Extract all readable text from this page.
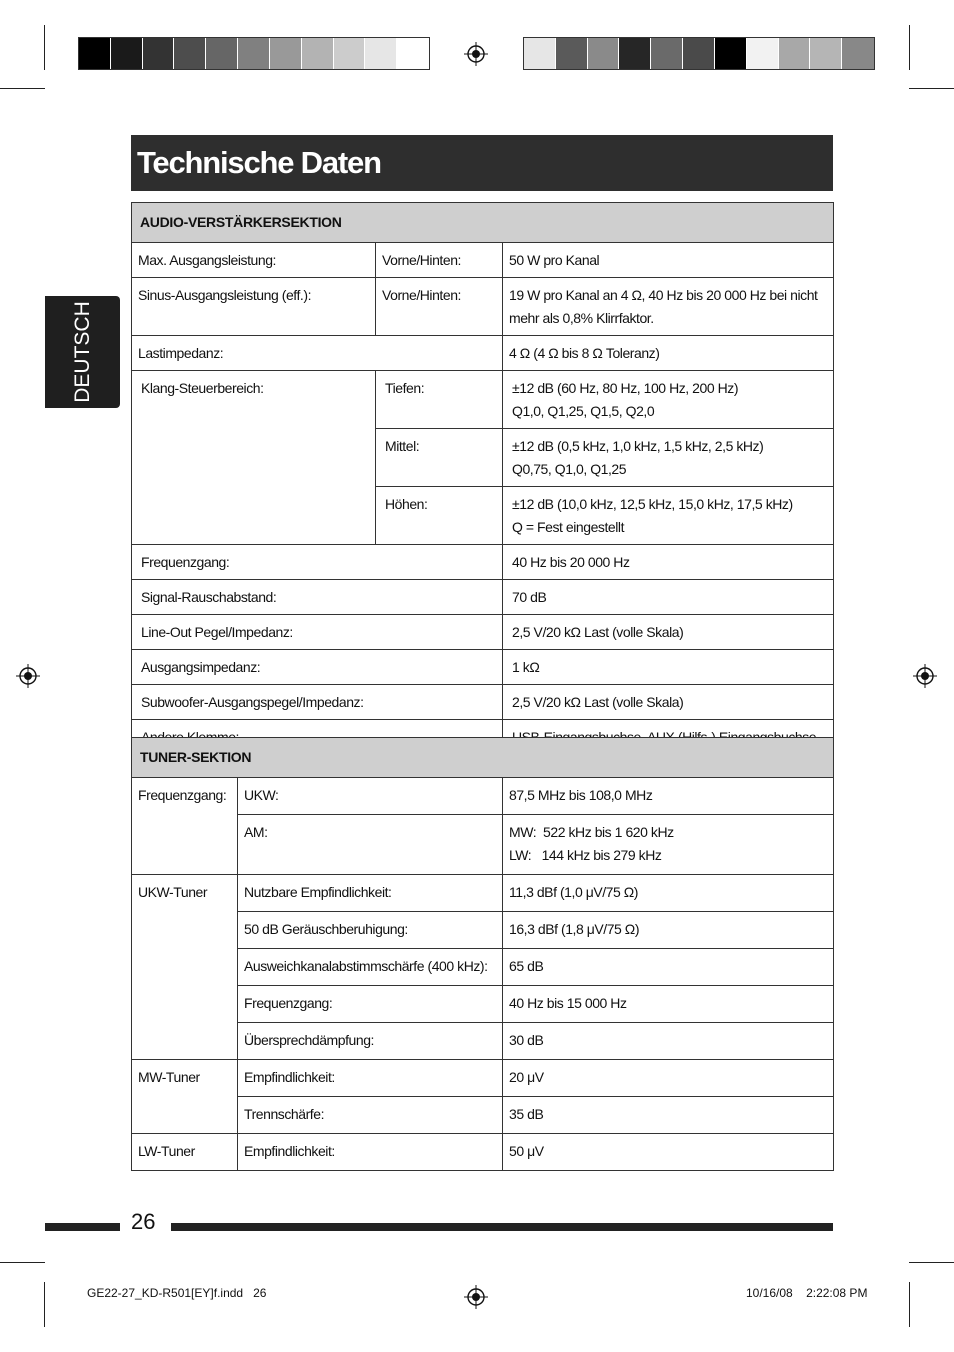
Technische Daten
DEUTSCH
AUDIO-VERSTÄRKERSEKTION		
Max. Ausgangsleistung:	Vorne/Hinten:	50 W pro Kanal
Sinus-Ausgangsleistung (eff.):	Vorne/Hinten:	19 W pro Kanal an 4 Ω, 40 Hz bis 20 000 Hz bei nicht
mehr als 0,8% Klirrfaktor.

Lastimpedanz:		4 Ω (4 Ω bis 8 Ω Toleranz)
Klang-Steuerbereich:	Tiefen:	±12 dB (60 Hz, 80 Hz, 100 Hz, 200 Hz)
Q1,0, Q1,25, Q1,5, Q2,0

	Mittel:	±12 dB (0,5 kHz, 1,0 kHz, 1,5 kHz, 2,5 kHz)
Q0,75, Q1,0, Q1,25

	Höhen:	±12 dB (10,0 kHz, 12,5 kHz, 15,0 kHz, 17,5 kHz)
Q = Fest eingestellt

Frequenzgang:		40 Hz bis 20 000 Hz
Signal-Rauschabstand:		70 dB
Line-Out Pegel/Impedanz:		2,5 V/20 kΩ Last (volle Skala)
Ausgangsimpedanz:		1 kΩ
Subwoofer-Ausgangspegel/Impedanz:		2,5 V/20 kΩ Last (volle Skala)

TUNER-SEKTION		
Frequenzgang:	UKW:	87,5 MHz bis 108,0 MHz
	AM:	MW:  522 kHz bis 1 620 kHz
LW:   144 kHz bis 279 kHz

UKW-Tuner	Nutzbare Empfindlichkeit:	11,3 dBf (1,0 μV/75 Ω)
	50 dB Geräuschberuhigung:	16,3 dBf (1,8 μV/75 Ω)
	Ausweichkanalabstimmschärfe (400 kHz):	65 dB
	Frequenzgang:	40 Hz bis 15 000 Hz
	Übersprechdämpfung:	30 dB
MW-Tuner	Empfindlichkeit:	20 μV
	Trennschärfe:	35 dB
LW-Tuner	Empfindlichkeit:	50 μV
26
GE22-27_KD-R501[EY]f.indd 26	10/16/08 2:22:08 PM
